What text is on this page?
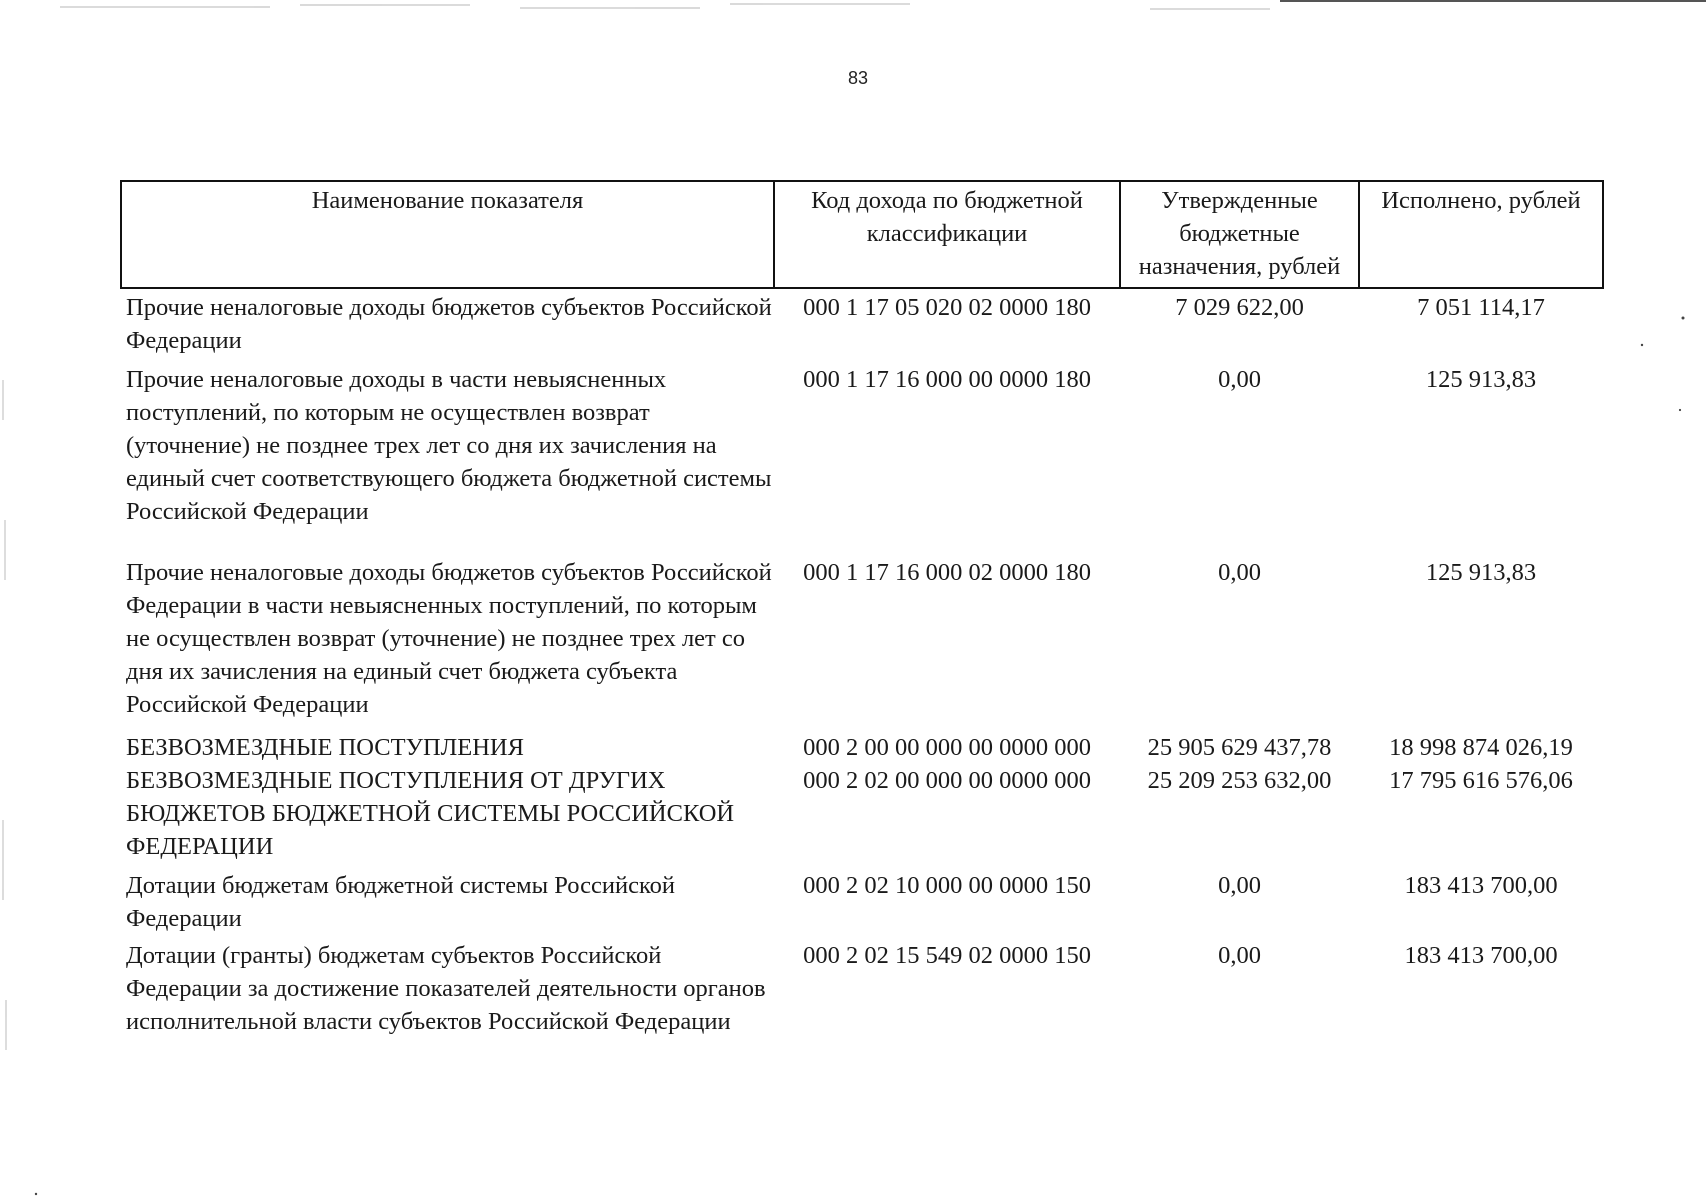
83
Наименование показателя	Код дохода по бюджетной классификации	Утвержденные бюджетные назначения, рублей	Исполнено, рублей
Прочие неналоговые доходы бюджетов субъектов Российской Федерации	000 1 17 05 020 02 0000 180	7 029 622,00	7 051 114,17
Прочие неналоговые доходы в части невыясненных поступлений, по которым не осуществлен возврат (уточнение) не позднее трех лет со дня их зачисления на единый счет соответствующего бюджета бюджетной системы Российской Федерации	000 1 17 16 000 00 0000 180	0,00	125 913,83
Прочие неналоговые доходы бюджетов субъектов Российской Федерации в части невыясненных поступлений, по которым не осуществлен возврат (уточнение) не позднее трех лет со дня их зачисления на единый счет бюджета субъекта Российской Федерации	000 1 17 16 000 02 0000 180	0,00	125 913,83
БЕЗВОЗМЕЗДНЫЕ ПОСТУПЛЕНИЯ	000 2 00 00 000 00 0000 000	25 905 629 437,78	18 998 874 026,19
БЕЗВОЗМЕЗДНЫЕ ПОСТУПЛЕНИЯ ОТ ДРУГИХ БЮДЖЕТОВ БЮДЖЕТНОЙ СИСТЕМЫ РОССИЙСКОЙ ФЕДЕРАЦИИ	000 2 02 00 000 00 0000 000	25 209 253 632,00	17 795 616 576,06
Дотации бюджетам бюджетной системы Российской Федерации	000 2 02 10 000 00 0000 150	0,00	183 413 700,00
Дотации (гранты) бюджетам субъектов Российской Федерации за достижение показателей деятельности органов исполнительной власти субъектов Российской Федерации	000 2 02 15 549 02 0000 150	0,00	183 413 700,00
